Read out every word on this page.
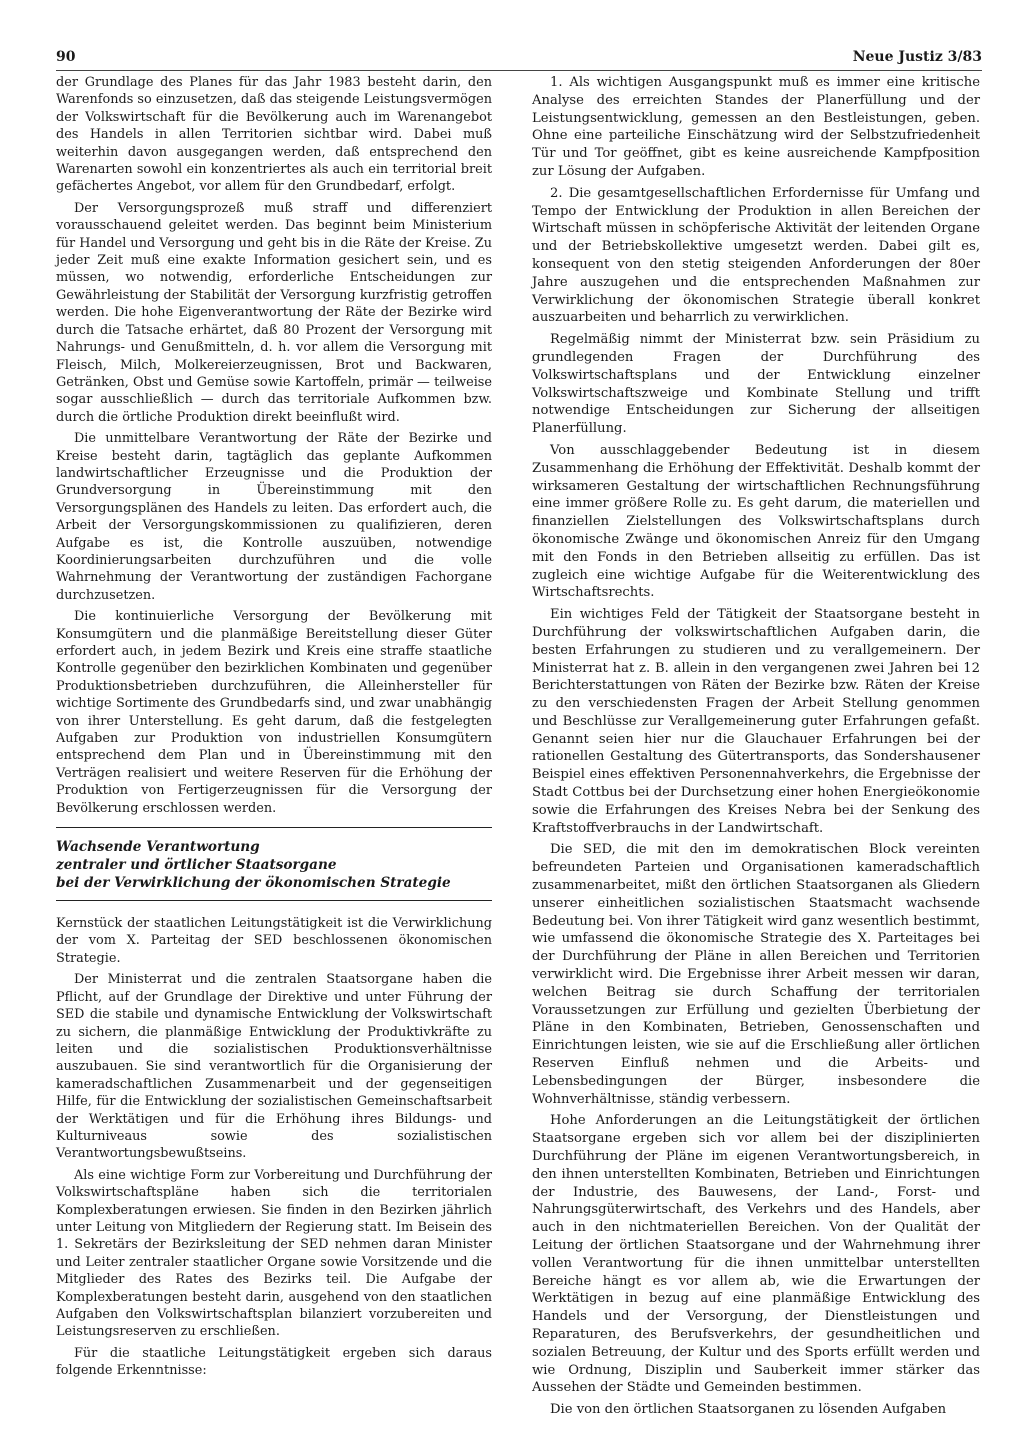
90	Neue Justiz 3/83

der Grundlage des Planes für das Jahr 1983 besteht darin, den Warenfonds so einzusetzen, daß das steigende Leistungsvermögen der Volkswirtschaft für die Bevölkerung auch im Warenangebot des Handels in allen Territorien sichtbar wird. Dabei muß weiterhin davon ausgegangen werden, daß entsprechend den Warenarten sowohl ein konzentriertes als auch ein territorial breit gefächertes Angebot, vor allem für den Grundbedarf, erfolgt.

Der Versorgungsprozeß muß straff und differenziert vorausschauend geleitet werden. Das beginnt beim Ministerium für Handel und Versorgung und geht bis in die Räte der Kreise. Zu jeder Zeit muß eine exakte Information gesichert sein, und es müssen, wo notwendig, erforderliche Entscheidungen zur Gewährleistung der Stabilität der Versorgung kurzfristig getroffen werden. Die hohe Eigenverantwortung der Räte der Bezirke wird durch die Tatsache erhärtet, daß 80 Prozent der Versorgung mit Nahrungs- und Genußmitteln, d. h. vor allem die Versorgung mit Fleisch, Milch, Molkereierzeugnissen, Brot und Backwaren, Getränken, Obst und Gemüse sowie Kartoffeln, primär — teilweise sogar ausschließlich — durch das territoriale Aufkommen bzw. durch die örtliche Produktion direkt beeinflußt wird.

Die unmittelbare Verantwortung der Räte der Bezirke und Kreise besteht darin, tagtäglich das geplante Aufkommen landwirtschaftlicher Erzeugnisse und die Produktion der Grundversorgung in Übereinstimmung mit den Versorgungsplänen des Handels zu leiten. Das erfordert auch, die Arbeit der Versorgungskommissionen zu qualifizieren, deren Aufgabe es ist, die Kontrolle auszuüben, notwendige Koordinierungsarbeiten durchzuführen und die volle Wahrnehmung der Verantwortung der zuständigen Fachorgane durchzusetzen.

Die kontinuierliche Versorgung der Bevölkerung mit Konsumgütern und die planmäßige Bereitstellung dieser Güter erfordert auch, in jedem Bezirk und Kreis eine straffe staatliche Kontrolle gegenüber den bezirklichen Kombinaten und gegenüber Produktionsbetrieben durchzuführen, die Alleinhersteller für wichtige Sortimente des Grundbedarfs sind, und zwar unabhängig von ihrer Unterstellung. Es geht darum, daß die festgelegten Aufgaben zur Produktion von industriellen Konsumgütern entsprechend dem Plan und in Übereinstimmung mit den Verträgen realisiert und weitere Reserven für die Erhöhung der Produktion von Fertigerzeugnissen für die Versorgung der Bevölkerung erschlossen werden.

Wachsende Verantwortung
zentraler und örtlicher Staatsorgane
bei der Verwirklichung der ökonomischen Strategie

Kernstück der staatlichen Leitungstätigkeit ist die Verwirklichung der vom X. Parteitag der SED beschlossenen ökonomischen Strategie.

Der Ministerrat und die zentralen Staatsorgane haben die Pflicht, auf der Grundlage der Direktive und unter Führung der SED die stabile und dynamische Entwicklung der Volkswirtschaft zu sichern, die planmäßige Entwicklung der Produktivkräfte zu leiten und die sozialistischen Produktionsverhältnisse auszubauen. Sie sind verantwortlich für die Organisierung der kameradschaftlichen Zusammenarbeit und der gegenseitigen Hilfe, für die Entwicklung der sozialistischen Gemeinschaftsarbeit der Werktätigen und für die Erhöhung ihres Bildungs- und Kulturniveaus sowie des sozialistischen Verantwortungsbewußtseins.

Als eine wichtige Form zur Vorbereitung und Durchführung der Volkswirtschaftspläne haben sich die territorialen Komplexberatungen erwiesen. Sie finden in den Bezirken jährlich unter Leitung von Mitgliedern der Regierung statt. Im Beisein des 1. Sekretärs der Bezirksleitung der SED nehmen daran Minister und Leiter zentraler staatlicher Organe sowie Vorsitzende und die Mitglieder des Rates des Bezirks teil. Die Aufgabe der Komplexberatungen besteht darin, ausgehend von den staatlichen Aufgaben den Volkswirtschaftsplan bilanziert vorzubereiten und Leistungsreserven zu erschließen.

Für die staatliche Leitungstätigkeit ergeben sich daraus folgende Erkenntnisse:

1. Als wichtigen Ausgangspunkt muß es immer eine kritische Analyse des erreichten Standes der Planerfüllung und der Leistungsentwicklung, gemessen an den Bestleistungen, geben. Ohne eine parteiliche Einschätzung wird der Selbstzufriedenheit Tür und Tor geöffnet, gibt es keine ausreichende Kampfposition zur Lösung der Aufgaben.

2. Die gesamtgesellschaftlichen Erfordernisse für Umfang und Tempo der Entwicklung der Produktion in allen Bereichen der Wirtschaft müssen in schöpferische Aktivität der leitenden Organe und der Betriebskollektive umgesetzt werden. Dabei gilt es, konsequent von den stetig steigenden Anforderungen der 80er Jahre auszugehen und die entsprechenden Maßnahmen zur Verwirklichung der ökonomischen Strategie überall konkret auszuarbeiten und beharrlich zu verwirklichen.

Regelmäßig nimmt der Ministerrat bzw. sein Präsidium zu grundlegenden Fragen der Durchführung des Volkswirtschaftsplans und der Entwicklung einzelner Volkswirtschaftszweige und Kombinate Stellung und trifft notwendige Entscheidungen zur Sicherung der allseitigen Planerfüllung.

Von ausschlaggebender Bedeutung ist in diesem Zusammenhang die Erhöhung der Effektivität. Deshalb kommt der wirksameren Gestaltung der wirtschaftlichen Rechnungsführung eine immer größere Rolle zu. Es geht darum, die materiellen und finanziellen Zielstellungen des Volkswirtschaftsplans durch ökonomische Zwänge und ökonomischen Anreiz für den Umgang mit den Fonds in den Betrieben allseitig zu erfüllen. Das ist zugleich eine wichtige Aufgabe für die Weiterentwicklung des Wirtschaftsrechts.

Ein wichtiges Feld der Tätigkeit der Staatsorgane besteht in Durchführung der volkswirtschaftlichen Aufgaben darin, die besten Erfahrungen zu studieren und zu verallgemeinern. Der Ministerrat hat z. B. allein in den vergangenen zwei Jahren bei 12 Berichterstattungen von Räten der Bezirke bzw. Räten der Kreise zu den verschiedensten Fragen der Arbeit Stellung genommen und Beschlüsse zur Verallgemeinerung guter Erfahrungen gefaßt. Genannt seien hier nur die Glauchauer Erfahrungen bei der rationellen Gestaltung des Gütertransports, das Sondershausener Beispiel eines effektiven Personennahverkehrs, die Ergebnisse der Stadt Cottbus bei der Durchsetzung einer hohen Energieökonomie sowie die Erfahrungen des Kreises Nebra bei der Senkung des Kraftstoffverbrauchs in der Landwirtschaft.

Die SED, die mit den im demokratischen Block vereinten befreundeten Parteien und Organisationen kameradschaftlich zusammenarbeitet, mißt den örtlichen Staatsorganen als Gliedern unserer einheitlichen sozialistischen Staatsmacht wachsende Bedeutung bei. Von ihrer Tätigkeit wird ganz wesentlich bestimmt, wie umfassend die ökonomische Strategie des X. Parteitages bei der Durchführung der Pläne in allen Bereichen und Territorien verwirklicht wird. Die Ergebnisse ihrer Arbeit messen wir daran, welchen Beitrag sie durch Schaffung der territorialen Voraussetzungen zur Erfüllung und gezielten Überbietung der Pläne in den Kombinaten, Betrieben, Genossenschaften und Einrichtungen leisten, wie sie auf die Erschließung aller örtlichen Reserven Einfluß nehmen und die Arbeits- und Lebensbedingungen der Bürger, insbesondere die Wohnverhältnisse, ständig verbessern.

Hohe Anforderungen an die Leitungstätigkeit der örtlichen Staatsorgane ergeben sich vor allem bei der disziplinierten Durchführung der Pläne im eigenen Verantwortungsbereich, in den ihnen unterstellten Kombinaten, Betrieben und Einrichtungen der Industrie, des Bauwesens, der Land-, Forst- und Nahrungsgüterwirtschaft, des Verkehrs und des Handels, aber auch in den nichtmateriellen Bereichen. Von der Qualität der Leitung der örtlichen Staatsorgane und der Wahrnehmung ihrer vollen Verantwortung für die ihnen unmittelbar unterstellten Bereiche hängt es vor allem ab, wie die Erwartungen der Werktätigen in bezug auf eine planmäßige Entwicklung des Handels und der Versorgung, der Dienstleistungen und Reparaturen, des Berufsverkehrs, der gesundheitlichen und sozialen Betreuung, der Kultur und des Sports erfüllt werden und wie Ordnung, Disziplin und Sauberkeit immer stärker das Aussehen der Städte und Gemeinden bestimmen.

Die von den örtlichen Staatsorganen zu lösenden Aufgaben
